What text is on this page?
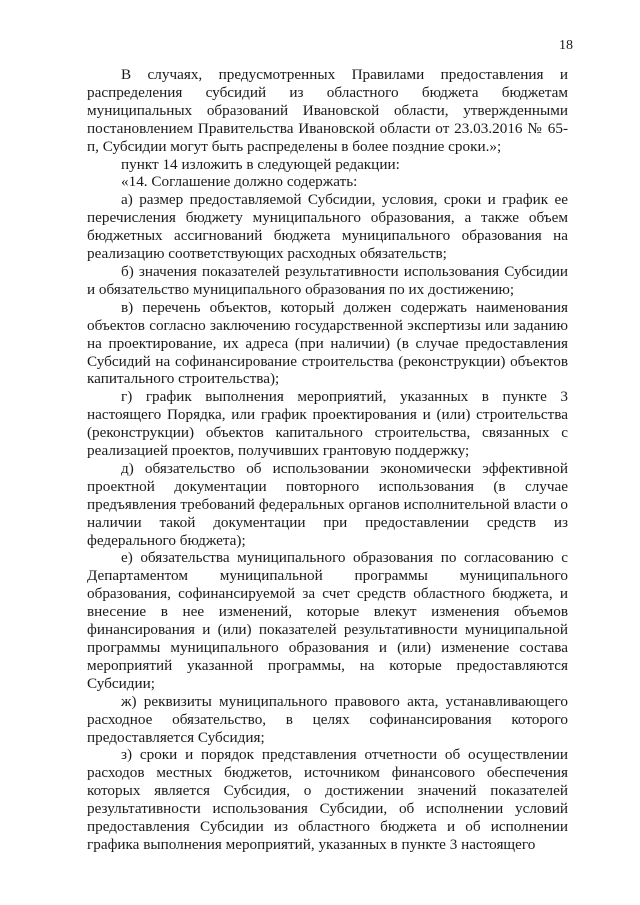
18

В случаях, предусмотренных Правилами предоставления и распределения субсидий из областного бюджета бюджетам муниципальных образований Ивановской области, утвержденными постановлением Правительства Ивановской области от 23.03.2016 № 65-п, Субсидии могут быть распределены в более поздние сроки.»;

пункт 14 изложить в следующей редакции:

«14. Соглашение должно содержать:

а) размер предоставляемой Субсидии, условия, сроки и график ее перечисления бюджету муниципального образования, а также объем бюджетных ассигнований бюджета муниципального образования на реализацию соответствующих расходных обязательств;

б) значения показателей результативности использования Субсидии и обязательство муниципального образования по их достижению;

в) перечень объектов, который должен содержать наименования объектов согласно заключению государственной экспертизы или заданию на проектирование, их адреса (при наличии) (в случае предоставления Субсидий на софинансирование строительства (реконструкции) объектов капитального строительства);

г) график выполнения мероприятий, указанных в пункте 3 настоящего Порядка, или график проектирования и (или) строительства (реконструкции) объектов капитального строительства, связанных с реализацией проектов, получивших грантовую поддержку;

д) обязательство об использовании экономически эффективной проектной документации повторного использования (в случае предъявления требований федеральных органов исполнительной власти о наличии такой документации при предоставлении средств из федерального бюджета);

е) обязательства муниципального образования по согласованию с Департаментом муниципальной программы муниципального образования, софинансируемой за счет средств областного бюджета, и внесение в нее изменений, которые влекут изменения объемов финансирования и (или) показателей результативности муниципальной программы муниципального образования и (или) изменение состава мероприятий указанной программы, на которые предоставляются Субсидии;

ж) реквизиты муниципального правового акта, устанавливающего расходное обязательство, в целях софинансирования которого предоставляется Субсидия;

з) сроки и порядок представления отчетности об осуществлении расходов местных бюджетов, источником финансового обеспечения которых является Субсидия, о достижении значений показателей результативности использования Субсидии, об исполнении условий предоставления Субсидии из областного бюджета и об исполнении графика выполнения мероприятий, указанных в пункте 3 настоящего
